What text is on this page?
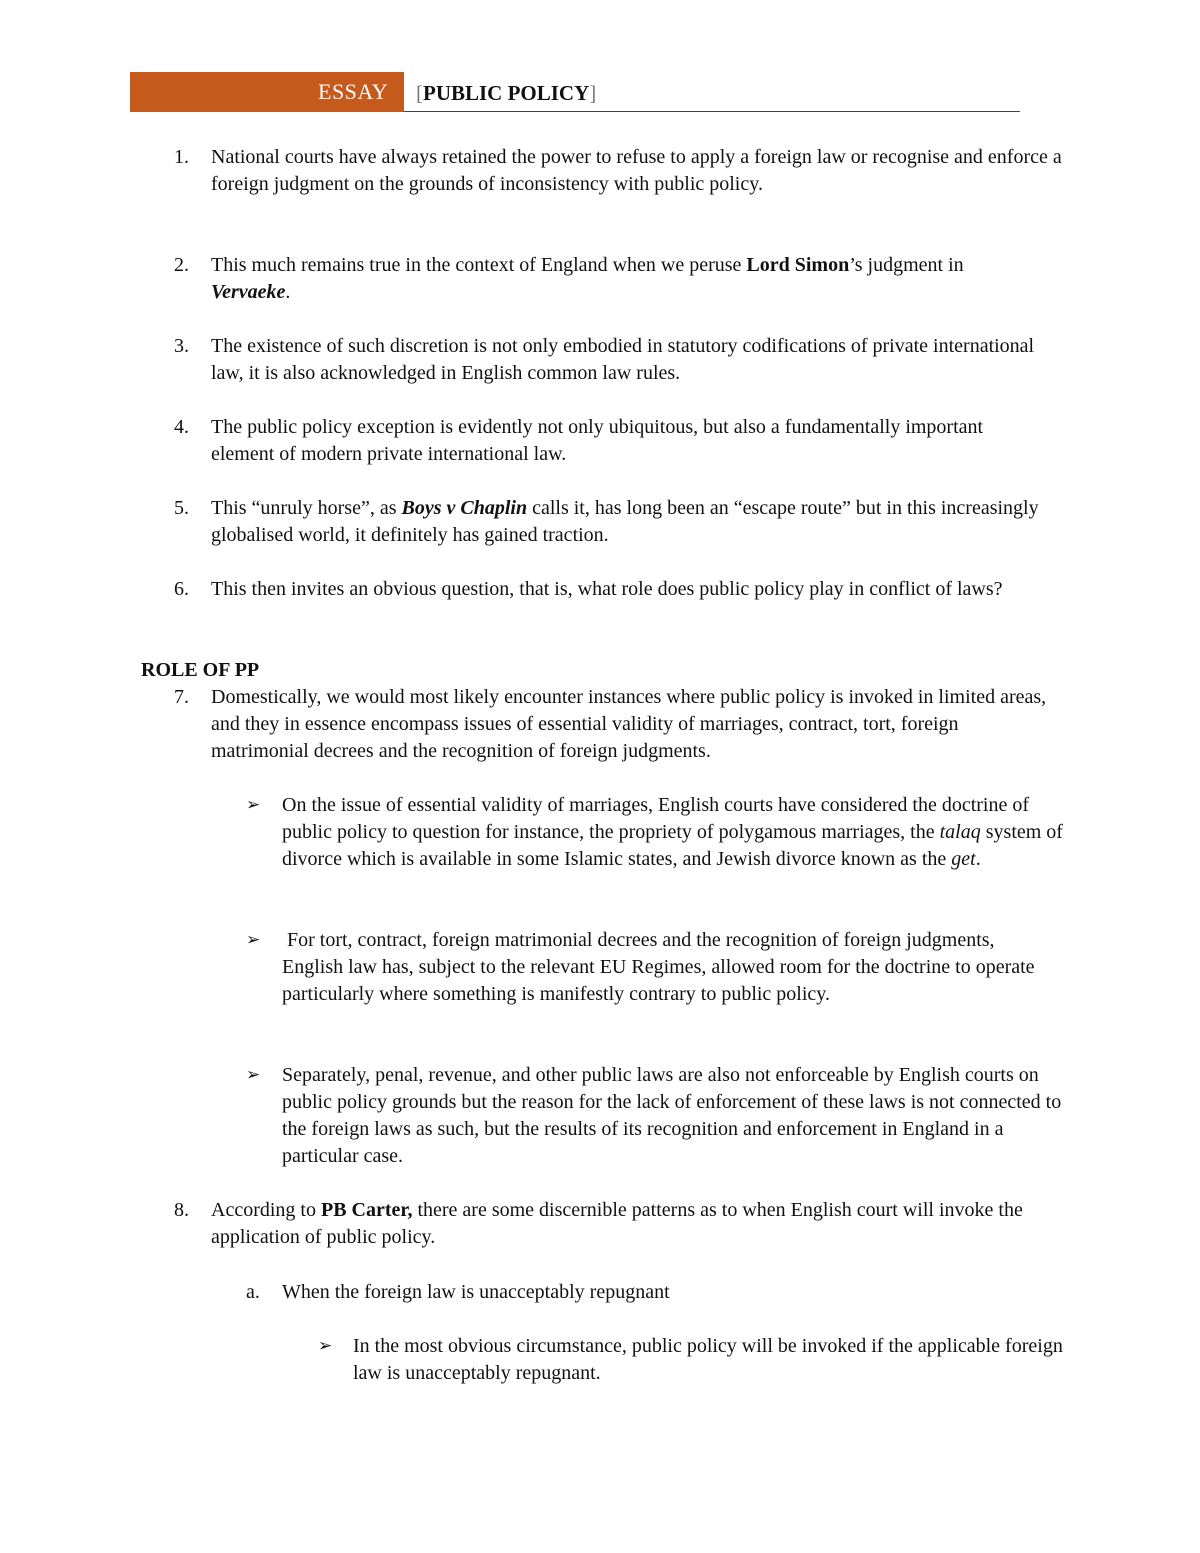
ESSAY [PUBLIC POLICY]
1.	National courts have always retained the power to refuse to apply a foreign law or recognise and enforce a foreign judgment on the grounds of inconsistency with public policy.
2.	This much remains true in the context of England when we peruse Lord Simon’s judgment in Vervaeke.
3.	The existence of such discretion is not only embodied in statutory codifications of private international law, it is also acknowledged in English common law rules.
4.	The public policy exception is evidently not only ubiquitous, but also a fundamentally important element of modern private international law.
5.	This “unruly horse”, as Boys v Chaplin calls it, has long been an “escape route” but in this increasingly globalised world, it definitely has gained traction.
6.	This then invites an obvious question, that is, what role does public policy play in conflict of laws?
ROLE OF PP
7.	Domestically, we would most likely encounter instances where public policy is invoked in limited areas, and they in essence encompass issues of essential validity of marriages, contract, tort, foreign matrimonial decrees and the recognition of foreign judgments.
➢ On the issue of essential validity of marriages, English courts have considered the doctrine of public policy to question for instance, the propriety of polygamous marriages, the talaq system of divorce which is available in some Islamic states, and Jewish divorce known as the get.
➢ For tort, contract, foreign matrimonial decrees and the recognition of foreign judgments, English law has, subject to the relevant EU Regimes, allowed room for the doctrine to operate particularly where something is manifestly contrary to public policy.
➢ Separately, penal, revenue, and other public laws are also not enforceable by English courts on public policy grounds but the reason for the lack of enforcement of these laws is not connected to the foreign laws as such, but the results of its recognition and enforcement in England in a particular case.
8.	According to PB Carter, there are some discernible patterns as to when English court will invoke the application of public policy.
a.	When the foreign law is unacceptably repugnant
➢ In the most obvious circumstance, public policy will be invoked if the applicable foreign law is unacceptably repugnant.
